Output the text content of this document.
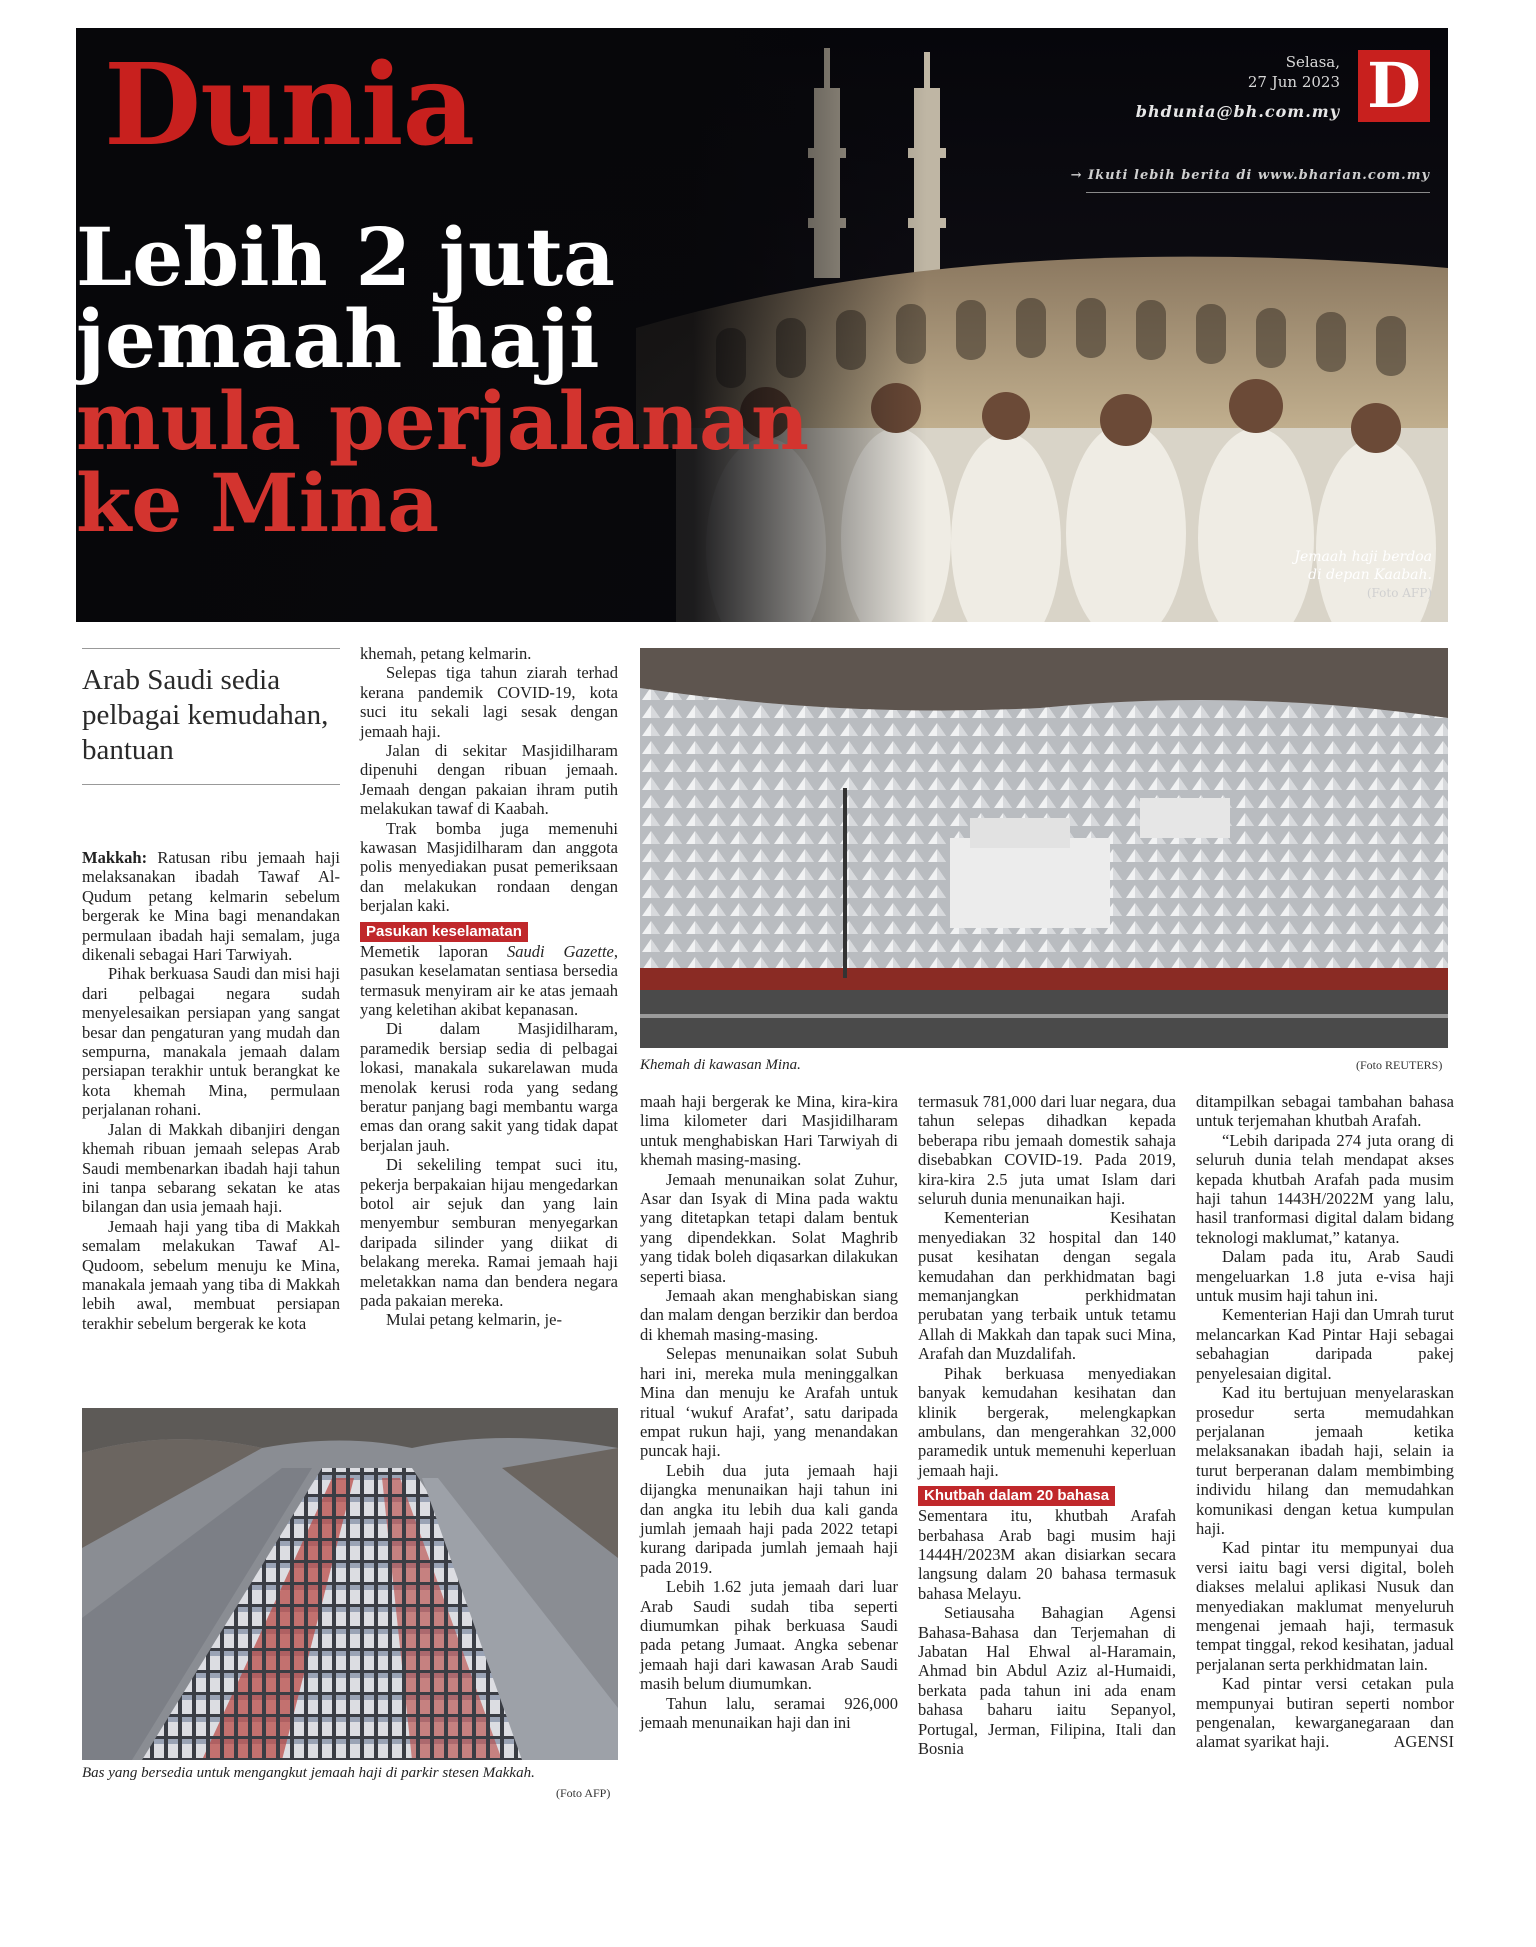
Dunia	Selasa,
27 Jun 2023
bhdunia@bh.com.my D
→ Ikuti lebih berita di www.bharian.com.my
Lebih 2 juta
jemaah haji
mula perjalanan
ke Mina
Jemaah haji berdoa
di depan Kaabah.
(Foto AFP)
Arab Saudi sedia pelbagai kemudahan, bantuan

Makkah: Ratusan ribu jemaah haji melaksanakan ibadah Tawaf Al-Qudum petang kelmarin sebelum bergerak ke Mina bagi menandakan permulaan ibadah haji semalam, juga dikenali sebagai Hari Tarwiyah.

Pihak berkuasa Saudi dan misi haji dari pelbagai negara sudah menyelesaikan persiapan yang sangat besar dan pengaturan yang mudah dan sempurna, manakala jemaah dalam persiapan terakhir untuk berangkat ke kota khemah Mina, permulaan perjalanan rohani.

Jalan di Makkah dibanjiri dengan khemah ribuan jemaah selepas Arab Saudi membenarkan ibadah haji tahun ini tanpa sebarang sekatan ke atas bilangan dan usia jemaah haji.

Jemaah haji yang tiba di Makkah semalam melakukan Tawaf Al-Qudoom, sebelum menuju ke Mina, manakala jemaah yang tiba di Makkah lebih awal, membuat persiapan terakhir sebelum bergerak ke kota

khemah, petang kelmarin.

Selepas tiga tahun ziarah terhad kerana pandemik COVID-19, kota suci itu sekali lagi sesak dengan jemaah haji.

Jalan di sekitar Masjidilharam dipenuhi dengan ribuan jemaah. Jemaah dengan pakaian ihram putih melakukan tawaf di Kaabah.

Trak bomba juga memenuhi kawasan Masjidilharam dan anggota polis menyediakan pusat pemeriksaan dan melakukan rondaan dengan berjalan kaki.

Pasukan keselamatan

Memetik laporan Saudi Gazette, pasukan keselamatan sentiasa bersedia termasuk menyiram air ke atas jemaah yang keletihan akibat kepanasan.

Di dalam Masjidilharam, paramedik bersiap sedia di pelbagai lokasi, manakala sukarelawan muda menolak kerusi roda yang sedang beratur panjang bagi membantu warga emas dan orang sakit yang tidak dapat berjalan jauh.

Di sekeliling tempat suci itu, pekerja berpakaian hijau mengedarkan botol air sejuk dan yang lain menyembur semburan menyegarkan daripada silinder yang diikat di belakang mereka. Ramai jemaah haji meletakkan nama dan bendera negara pada pakaian mereka.

Mulai petang kelmarin, je-

Khemah di kawasan Mina.	(Foto REUTERS)

maah haji bergerak ke Mina, kira-kira lima kilometer dari Masjidilharam untuk menghabiskan Hari Tarwiyah di khemah masing-masing.

Jemaah menunaikan solat Zuhur, Asar dan Isyak di Mina pada waktu yang ditetapkan tetapi dalam bentuk yang dipendekkan. Solat Maghrib yang tidak boleh diqasarkan dilakukan seperti biasa.

Jemaah akan menghabiskan siang dan malam dengan berzikir dan berdoa di khemah masing-masing.

Selepas menunaikan solat Subuh hari ini, mereka mula meninggalkan Mina dan menuju ke Arafah untuk ritual ‘wukuf Arafat’, satu daripada empat rukun haji, yang menandakan puncak haji.

Lebih dua juta jemaah haji dijangka menunaikan haji tahun ini dan angka itu lebih dua kali ganda jumlah jemaah haji pada 2022 tetapi kurang daripada jumlah jemaah haji pada 2019.

Lebih 1.62 juta jemaah dari luar Arab Saudi sudah tiba seperti diumumkan pihak berkuasa Saudi pada petang Jumaat. Angka sebenar jemaah haji dari kawasan Arab Saudi masih belum diumumkan.

Tahun lalu, seramai 926,000 jemaah menunaikan haji dan ini

termasuk 781,000 dari luar negara, dua tahun selepas dihadkan kepada beberapa ribu jemaah domestik sahaja disebabkan COVID-19. Pada 2019, kira-kira 2.5 juta umat Islam dari seluruh dunia menunaikan haji.

Kementerian Kesihatan menyediakan 32 hospital dan 140 pusat kesihatan dengan segala kemudahan dan perkhidmatan bagi memanjangkan perkhidmatan perubatan yang terbaik untuk tetamu Allah di Makkah dan tapak suci Mina, Arafah dan Muzdalifah.

Pihak berkuasa menyediakan banyak kemudahan kesihatan dan klinik bergerak, melengkapkan ambulans, dan mengerahkan 32,000 paramedik untuk memenuhi keperluan jemaah haji.

Khutbah dalam 20 bahasa

Sementara itu, khutbah Arafah berbahasa Arab bagi musim haji 1444H/2023M akan disiarkan secara langsung dalam 20 bahasa termasuk bahasa Melayu.

Setiausaha Bahagian Agensi Bahasa-Bahasa dan Terjemahan di Jabatan Hal Ehwal al-Haramain, Ahmad bin Abdul Aziz al-Humaidi, berkata pada tahun ini ada enam bahasa baharu iaitu Sepanyol, Portugal, Jerman, Filipina, Itali dan Bosnia

ditampilkan sebagai tambahan bahasa untuk terjemahan khutbah Arafah.

“Lebih daripada 274 juta orang di seluruh dunia telah mendapat akses kepada khutbah Arafah pada musim haji tahun 1443H/2022M yang lalu, hasil tranformasi digital dalam bidang teknologi maklumat,” katanya.

Dalam pada itu, Arab Saudi mengeluarkan 1.8 juta e-visa haji untuk musim haji tahun ini.

Kementerian Haji dan Umrah turut melancarkan Kad Pintar Haji sebagai sebahagian daripada pakej penyelesaian digital.

Kad itu bertujuan menyelaraskan prosedur serta memudahkan perjalanan jemaah ketika melaksanakan ibadah haji, selain ia turut berperanan dalam membimbing individu hilang dan memudahkan komunikasi dengan ketua kumpulan haji.

Kad pintar itu mempunyai dua versi iaitu bagi versi digital, boleh diakses melalui aplikasi Nusuk dan menyediakan maklumat menyeluruh mengenai jemaah haji, termasuk tempat tinggal, rekod kesihatan, jadual perjalanan serta perkhidmatan lain.

Kad pintar versi cetakan pula mempunyai butiran seperti nombor pengenalan, kewarganegaraan dan alamat syarikat haji.	AGENSI

Bas yang bersedia untuk mengangkut jemaah haji di parkir stesen Makkah.
(Foto AFP)
